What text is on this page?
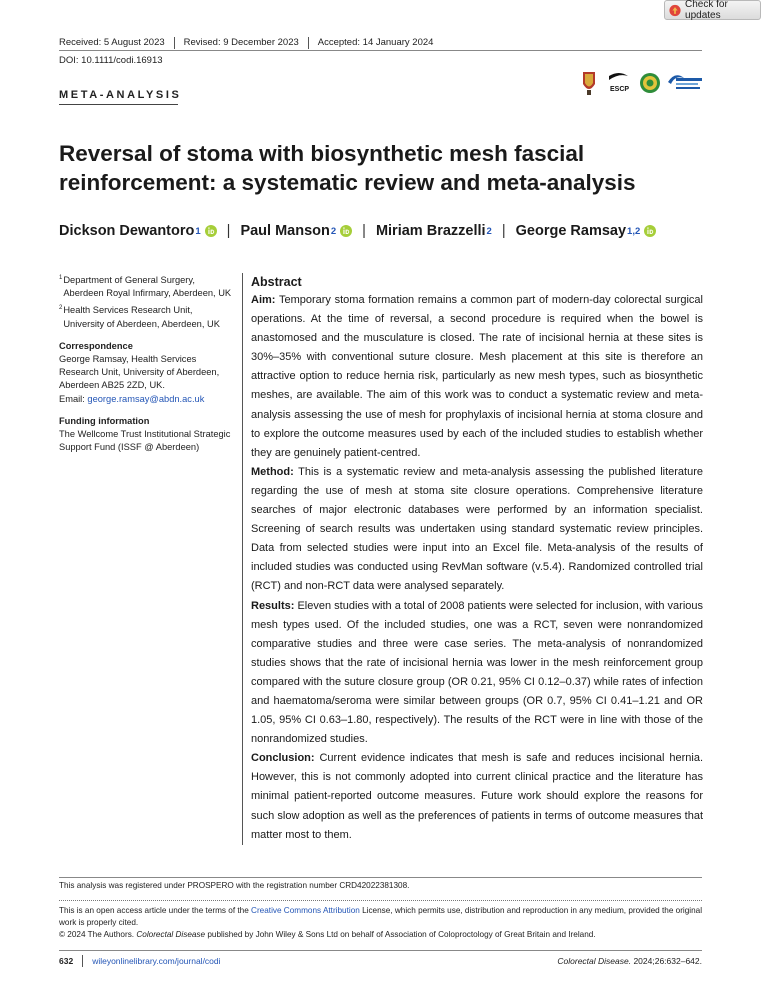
Check for updates
Received: 5 August 2023	Revised: 9 December 2023	Accepted: 14 January 2024
DOI: 10.1111/codi.16913
META-ANALYSIS	ESCP
Reversal of stoma with biosynthetic mesh fascial reinforcement: a systematic review and meta-analysis
Dickson Dewantoro 1 | Paul Manson 2 | Miriam Brazzelli 2 | George Ramsay 1,2
1 Department of General Surgery, Aberdeen Royal Infirmary, Aberdeen, UK
2 Health Services Research Unit, University of Aberdeen, Aberdeen, UK
Correspondence
George Ramsay, Health Services Research Unit, University of Aberdeen, Aberdeen AB25 2ZD, UK.
Email: george.ramsay@abdn.ac.uk
Funding information
The Wellcome Trust Institutional Strategic Support Fund (ISSF @ Aberdeen)
Abstract

Aim: Temporary stoma formation remains a common part of modern-day colorectal surgical operations. At the time of reversal, a second procedure is required when the bowel is anastomosed and the musculature is closed. The rate of incisional hernia at these sites is 30%–35% with conventional suture closure. Mesh placement at this site is therefore an attractive option to reduce hernia risk, particularly as new mesh types, such as biosynthetic meshes, are available. The aim of this work was to conduct a systematic review and meta-analysis assessing the use of mesh for prophylaxis of incisional hernia at stoma closure and to explore the outcome measures used by each of the included studies to establish whether they are genuinely patient-centred.

Method: This is a systematic review and meta-analysis assessing the published literature regarding the use of mesh at stoma site closure operations. Comprehensive literature searches of major electronic databases were performed by an information specialist. Screening of search results was undertaken using standard systematic review principles. Data from selected studies were input into an Excel file. Meta-analysis of the results of included studies was conducted using RevMan software (v.5.4). Randomized controlled trial (RCT) and non-RCT data were analysed separately.

Results: Eleven studies with a total of 2008 patients were selected for inclusion, with various mesh types used. Of the included studies, one was a RCT, seven were nonrandomized comparative studies and three were case series. The meta-analysis of nonrandomized studies shows that the rate of incisional hernia was lower in the mesh reinforcement group compared with the suture closure group (OR 0.21, 95% CI 0.12–0.37) while rates of infection and haematoma/seroma were similar between groups (OR 0.7, 95% CI 0.41–1.21 and OR 1.05, 95% CI 0.63–1.80, respectively). The results of the RCT were in line with those of the nonrandomized studies.

Conclusion: Current evidence indicates that mesh is safe and reduces incisional hernia. However, this is not commonly adopted into current clinical practice and the literature has minimal patient-reported outcome measures. Future work should explore the reasons for such slow adoption as well as the preferences of patients in terms of outcome measures that matter most to them.

This analysis was registered under PROSPERO with the registration number CRD42022381308.
This is an open access article under the terms of the Creative Commons Attribution License, which permits use, distribution and reproduction in any medium, provided the original work is properly cited.
© 2024 The Authors. Colorectal Disease published by John Wiley & Sons Ltd on behalf of Association of Coloproctology of Great Britain and Ireland.
632	wileyonlinelibrary.com/journal/codi	Colorectal Disease. 2024;26:632–642.
